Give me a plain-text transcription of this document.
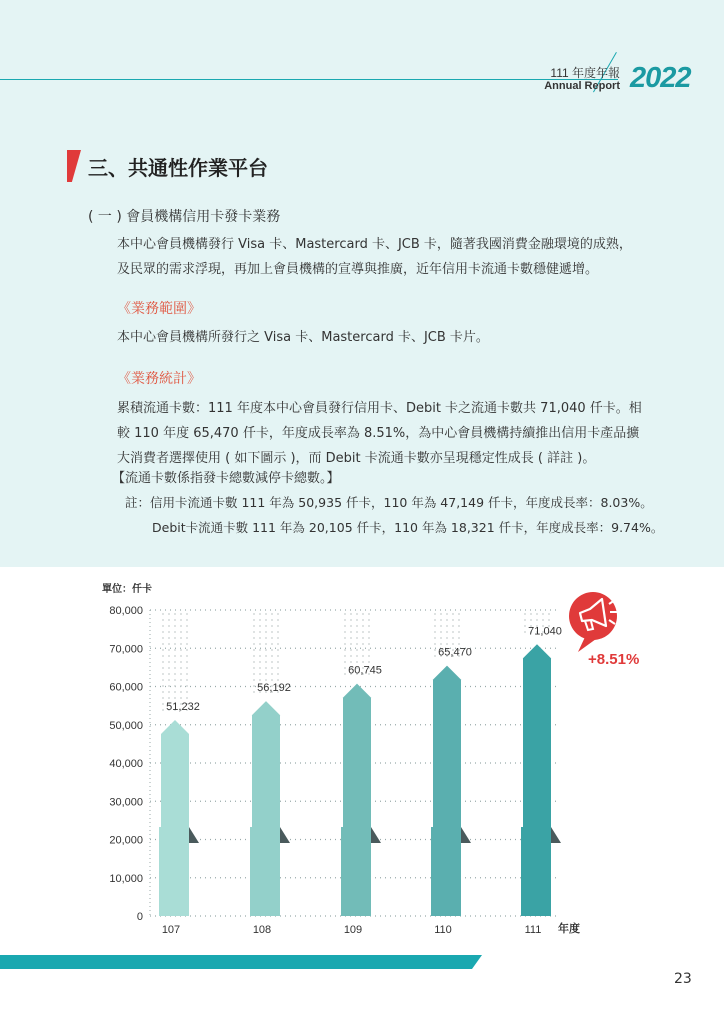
111 年度年報
Annual Report 2022
三、共通性作業平台
( 一 ) 會員機構信用卡發卡業務
本中心會員機構發行 Visa 卡、Mastercard 卡、JCB 卡，隨著我國消費金融環境的成熟，
及民眾的需求浮現，再加上會員機構的宣導與推廣，近年信用卡流通卡數穩健遞增。
《業務範圍》
本中心會員機構所發行之 Visa 卡、Mastercard 卡、JCB 卡片。
《業務統計》
累積流通卡數：111 年度本中心會員發行信用卡、Debit 卡之流通卡數共 71,040 仟卡。相
較 110 年度 65,470 仟卡，年度成長率為 8.51%，為中心會員機構持續推出信用卡產品擴
大消費者選擇使用 ( 如下圖示 )，而 Debit 卡流通卡數亦呈現穩定性成長 ( 詳註 )。
【流通卡數係指發卡總數減停卡總數。】
註：信用卡流通卡數 111 年為 50,935 仟卡，110 年為 47,149 仟卡，年度成長率：8.03%。
Debit卡流通卡數 111 年為 20,105 仟卡，110 年為 18,321 仟卡，年度成長率：9.74%。
單位：仟卡
0
10,000
20,000
30,000
40,000
50,000
60,000
70,000
80,000
51,232
56,192
60,745
65,470
71,040
107	108	109	110	111 年度
+8.51%
23
